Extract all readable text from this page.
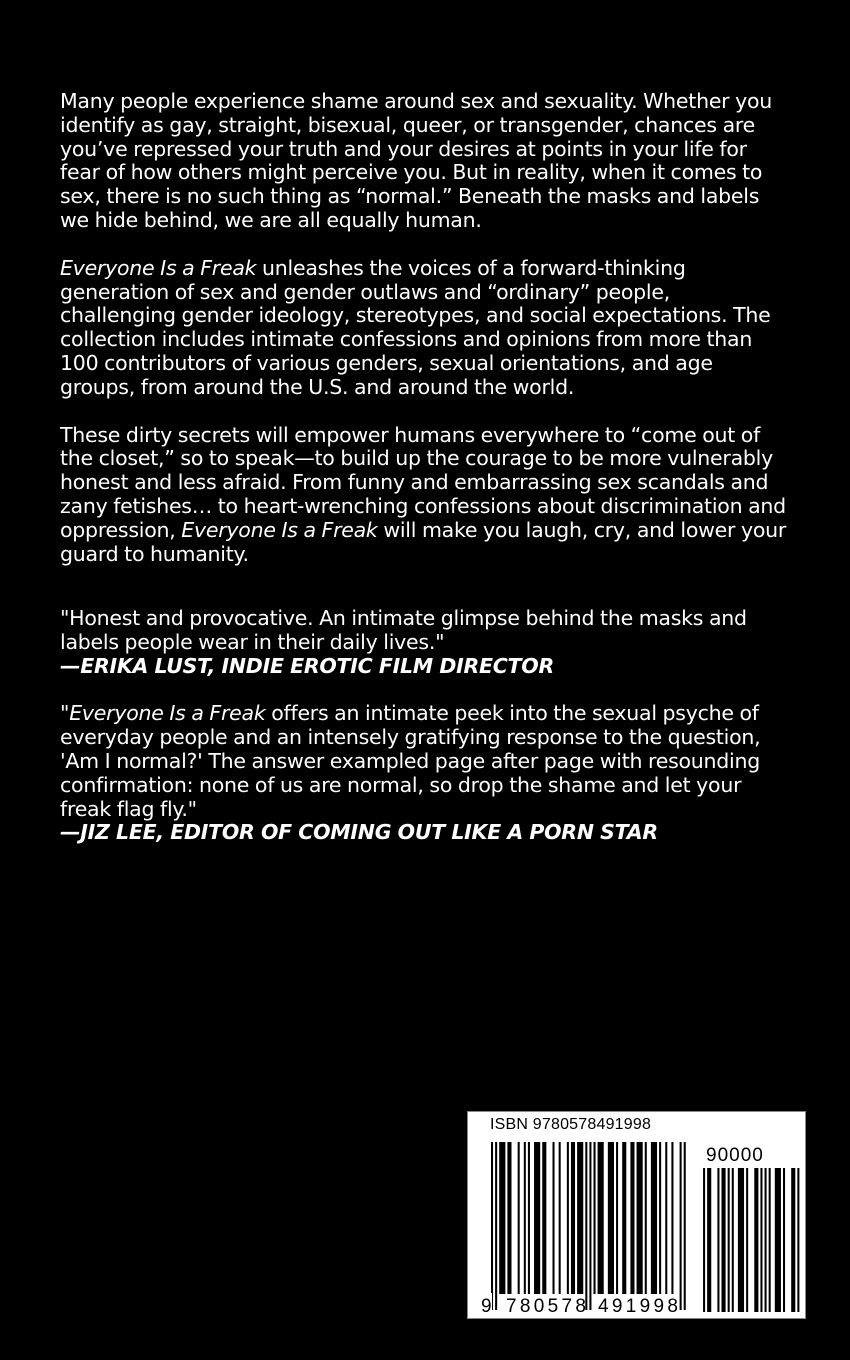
Many people experience shame around sex and sexuality. Whether you identify as gay, straight, bisexual, queer, or transgender, chances are you’ve repressed your truth and your desires at points in your life for fear of how others might perceive you. But in reality, when it comes to sex, there is no such thing as “normal.” Beneath the masks and labels we hide behind, we are all equally human.

Everyone Is a Freak unleashes the voices of a forward-thinking generation of sex and gender outlaws and “ordinary” people, challenging gender ideology, stereotypes, and social expectations. The collection includes intimate confessions and opinions from more than 100 contributors of various genders, sexual orientations, and age groups, from around the U.S. and around the world.

These dirty secrets will empower humans everywhere to “come out of the closet,” so to speak—to build up the courage to be more vulnerably honest and less afraid. From funny and embarrassing sex scandals and zany fetishes… to heart-wrenching confessions about discrimination and oppression, Everyone Is a Freak will make you laugh, cry, and lower your guard to humanity.

"Honest and provocative. An intimate glimpse behind the masks and labels people wear in their daily lives."
—ERIKA LUST, INDIE EROTIC FILM DIRECTOR
"Everyone Is a Freak offers an intimate peek into the sexual psyche of everyday people and an intensely gratifying response to the question, 'Am I normal?' The answer exampled page after page with resounding confirmation: none of us are normal, so drop the shame and let your freak flag fly."
—JIZ LEE, EDITOR OF COMING OUT LIKE A PORN STAR
ISBN 9780578491998
90000
9 780578 491998
